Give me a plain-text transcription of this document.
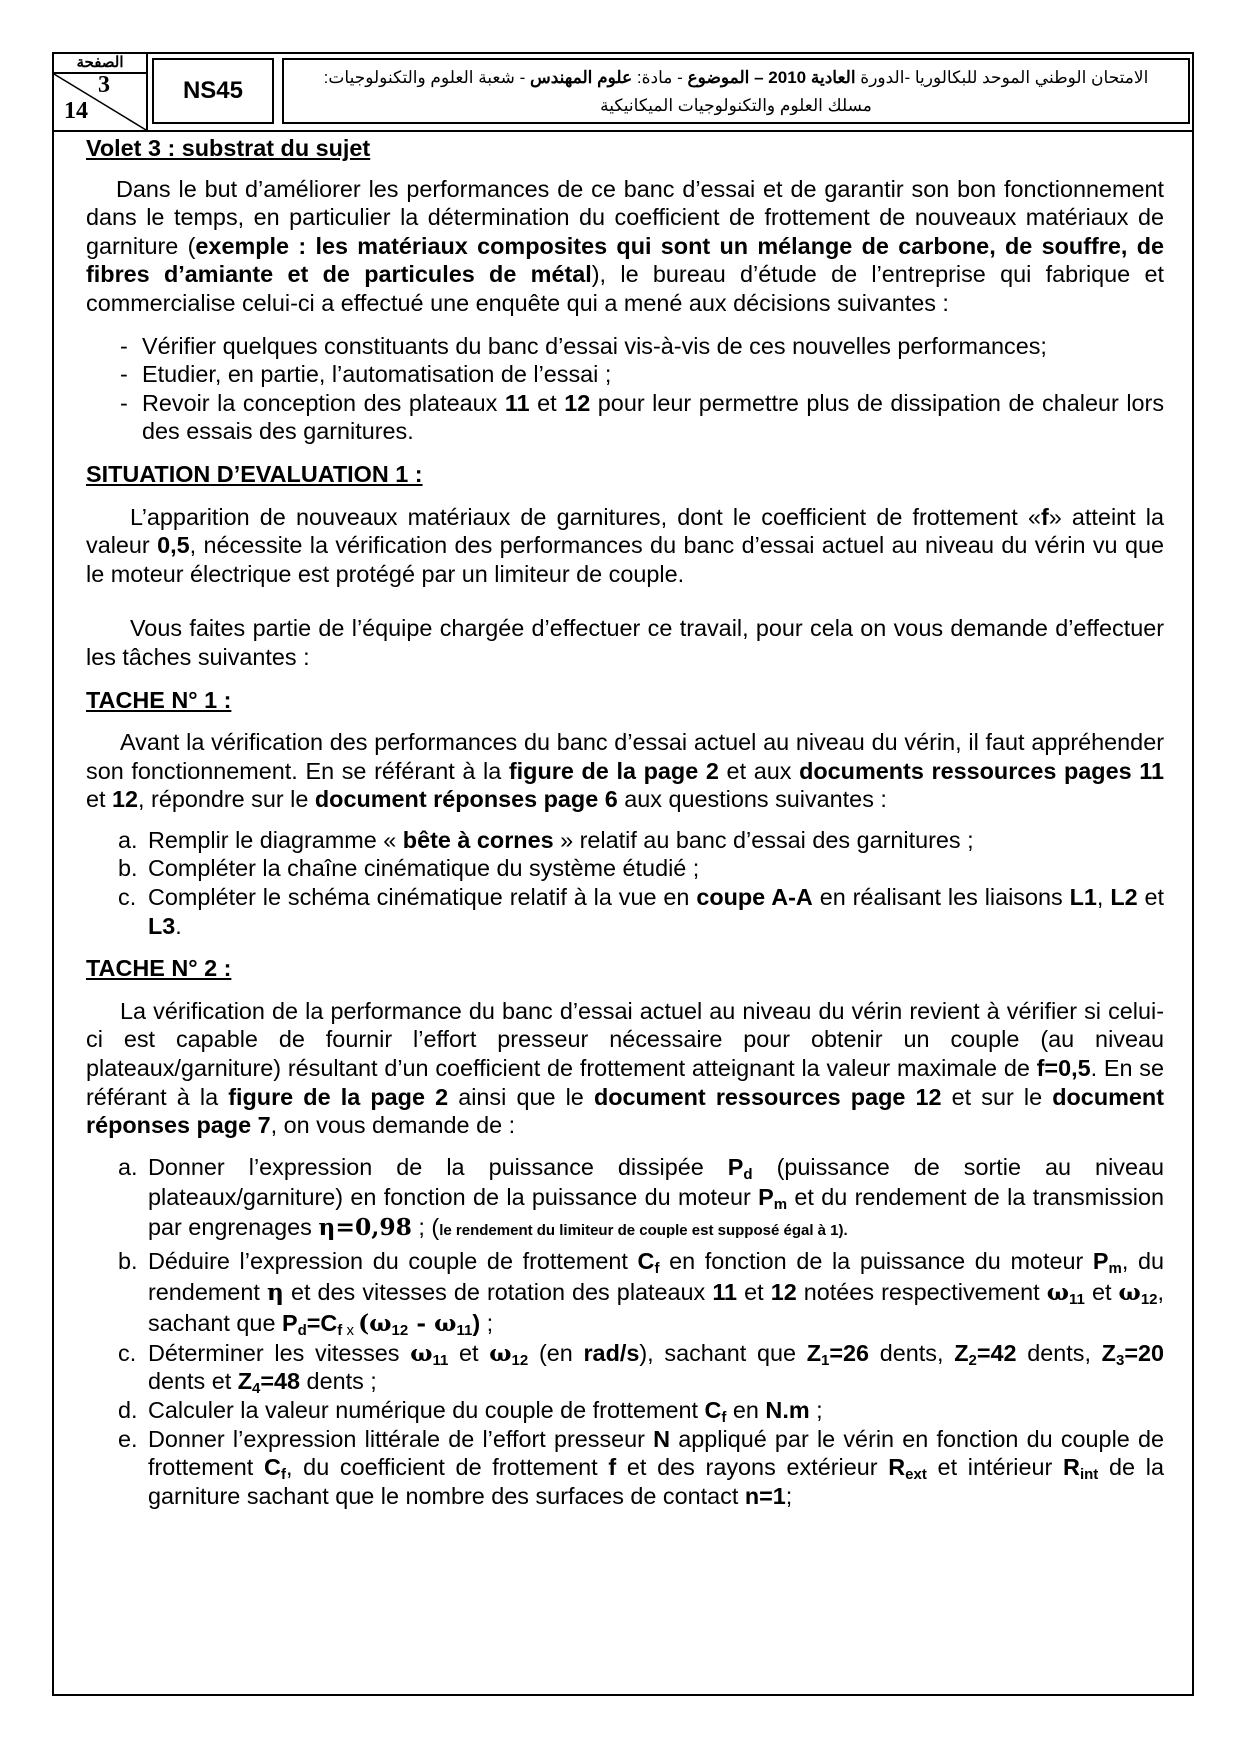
الصفحة
3
14
NS45	الامتحان الوطني الموحد للبكالوريا -الدورة العادية 2010 – الموضوع - مادة: علوم المهندس - شعبة العلوم والتكنولوجيات:
مسلك العلوم والتكنولوجيات الميكانيكية

Volet 3 : substrat du sujet

Dans le but d’améliorer les performances de ce banc d’essai et de garantir son bon fonctionnement dans le temps, en particulier la détermination du coefficient de frottement de nouveaux matériaux de garniture (exemple : les matériaux composites qui sont un mélange de carbone, de souffre, de fibres d’amiante et de particules de métal), le bureau d’étude de l’entreprise qui fabrique et commercialise celui-ci a effectué une enquête qui a mené aux décisions suivantes :

- Vérifier quelques constituants du banc d’essai vis-à-vis de ces nouvelles performances;

- Etudier, en partie, l’automatisation de l’essai ;

- Revoir la conception des plateaux 11 et 12 pour leur permettre plus de dissipation de chaleur lors des essais des garnitures.

SITUATION D’EVALUATION 1 :

L’apparition de nouveaux matériaux de garnitures, dont le coefficient de frottement «f» atteint la valeur 0,5, nécessite la vérification des performances du banc d’essai actuel au niveau du vérin vu que le moteur électrique est protégé par un limiteur de couple.

Vous faites partie de l’équipe chargée d’effectuer ce travail, pour cela on vous demande d’effectuer les tâches suivantes :

TACHE N° 1 :

Avant la vérification des performances du banc d’essai actuel au niveau du vérin, il faut appréhender son fonctionnement. En se référant à la figure de la page 2 et aux documents ressources pages 11 et 12, répondre sur le document réponses page 6 aux questions suivantes :

a. Remplir le diagramme « bête à cornes » relatif au banc d’essai des garnitures ;

b. Compléter la chaîne cinématique du système étudié ;

c. Compléter le schéma cinématique relatif à la vue en coupe A-A en réalisant les liaisons L1, L2 et L3.

TACHE N° 2 :

La vérification de la performance du banc d’essai actuel au niveau du vérin revient à vérifier si celui-ci est capable de fournir l’effort presseur nécessaire pour obtenir un couple (au niveau plateaux/garniture) résultant d’un coefficient de frottement atteignant la valeur maximale de f=0,5. En se référant à la figure de la page 2 ainsi que le document ressources page 12 et sur le document réponses page 7, on vous demande de :

a. Donner l’expression de la puissance dissipée $P_d$ (puissance de sortie au niveau plateaux/garniture) en fonction de la puissance du moteur $P_m$ et du rendement de la transmission par engrenages η=0,98 ; (le rendement du limiteur de couple est supposé égal à 1).

b. Déduire l’expression du couple de frottement $C_f$ en fonction de la puissance du moteur $P_m$, du rendement η et des vitesses de rotation des plateaux 11 et 12 notées respectivement $\omega_{11}$ et $\omega_{12}$, sachant que $P_d=C_f$ $_x$ $(\omega_{12} - \omega_{11})$ ;

c. Déterminer les vitesses $\omega_{11}$ et $\omega_{12}$ (en rad/s), sachant que $Z_1=26$ dents, $Z_2=42$ dents, $Z_3=20$ dents et $Z_4=48$ dents ;

d. Calculer la valeur numérique du couple de frottement $C_f$ en N.m ;

e. Donner l’expression littérale de l’effort presseur N appliqué par le vérin en fonction du couple de frottement $C_f$, du coefficient de frottement f et des rayons extérieur $R_{ext}$ et intérieur $R_{int}$ de la garniture sachant que le nombre des surfaces de contact n=1;
